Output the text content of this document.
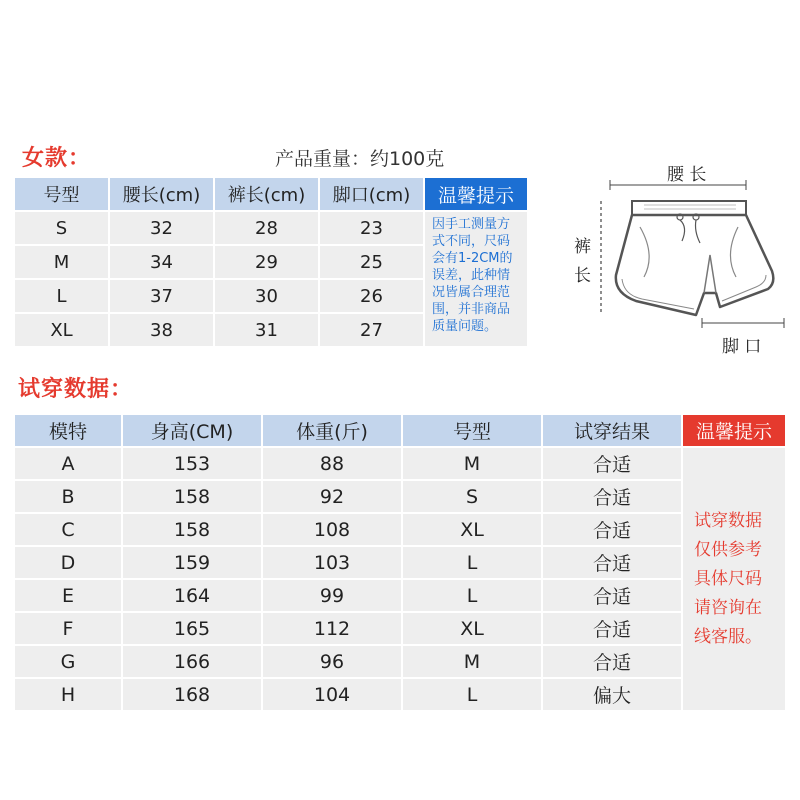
女款：	产品重量：约100克
号型	腰长(cm)	裤长(cm)	脚口(cm)	温馨提示
S	32	28	23	因手工测量方式不同，尺码会有1-2CM的误差，此种情况皆属合理范围，并非商品质量问题。
M	34	29	25	
L	37	30	26	
XL	38	31	27	
腰 长
裤
长
脚 口
试穿数据：
模特	身高(CM)	体重(斤)	号型	试穿结果	温馨提示
A	153	88	M	合适	试穿数据仅供参考具体尺码请咨询在线客服。

B	158	92	S	合适	
C	158	108	XL	合适	
D	159	103	L	合适	
E	164	99	L	合适	
F	165	112	XL	合适	
G	166	96	M	合适	
H	168	104	L	偏大	
